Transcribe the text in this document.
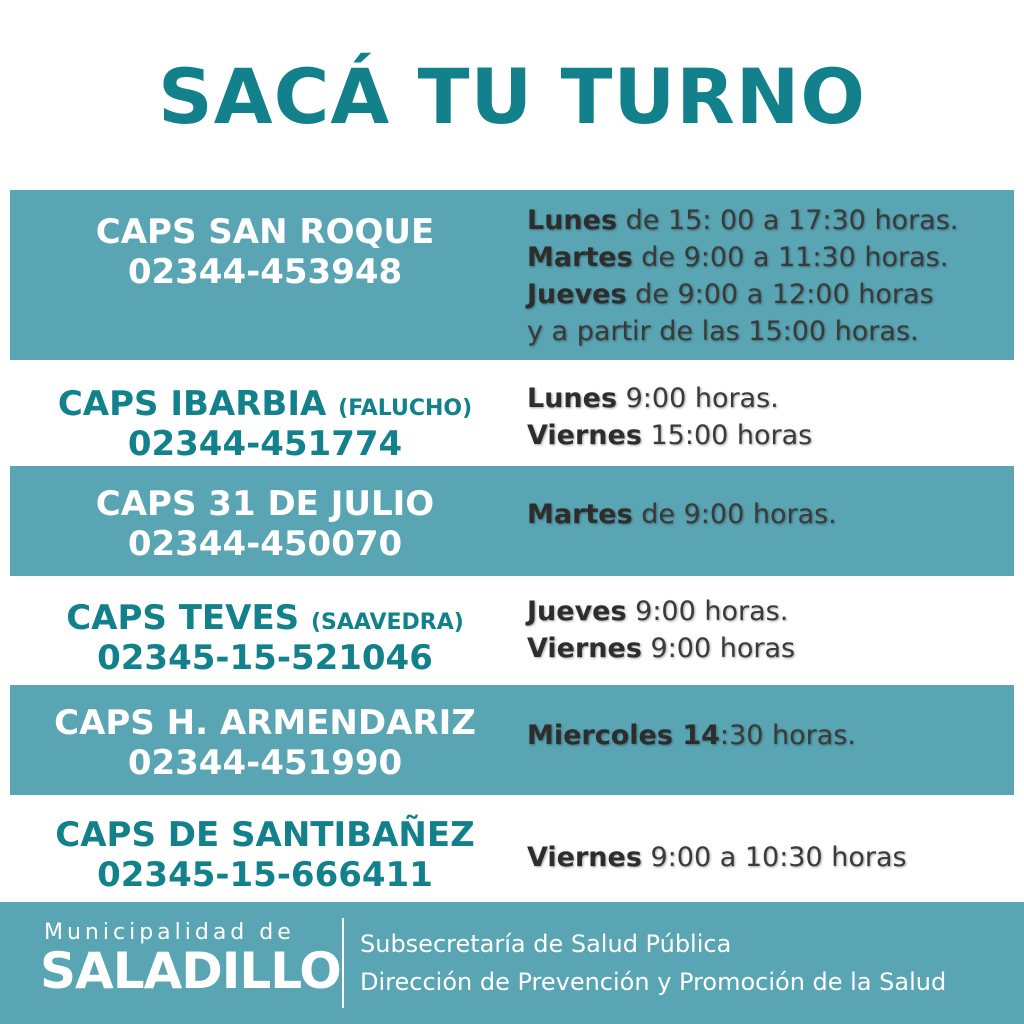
SACÁ TU TURNO
CAPS SAN ROQUE
02344-453948
Lunes de 15: 00 a 17:30 horas.
Martes de 9:00 a 11:30 horas.
Jueves de 9:00 a 12:00 horas
y a partir de las 15:00 horas.
CAPS IBARBIA (FALUCHO)
02344-451774
Lunes 9:00 horas.
Viernes 15:00 horas
CAPS 31 DE JULIO
02344-450070
Martes de 9:00 horas.
CAPS TEVES (SAAVEDRA)
02345-15-521046
Jueves 9:00 horas.
Viernes 9:00 horas
CAPS H. ARMENDARIZ
02344-451990
Miercoles 14:30 horas.
CAPS DE SANTIBAÑEZ
02345-15-666411	Viernes 9:00 a 10:30 horas
Municipalidad de
SALADILLO Subsecretaría de Salud Pública
Dirección de Prevención y Promoción de la Salud
